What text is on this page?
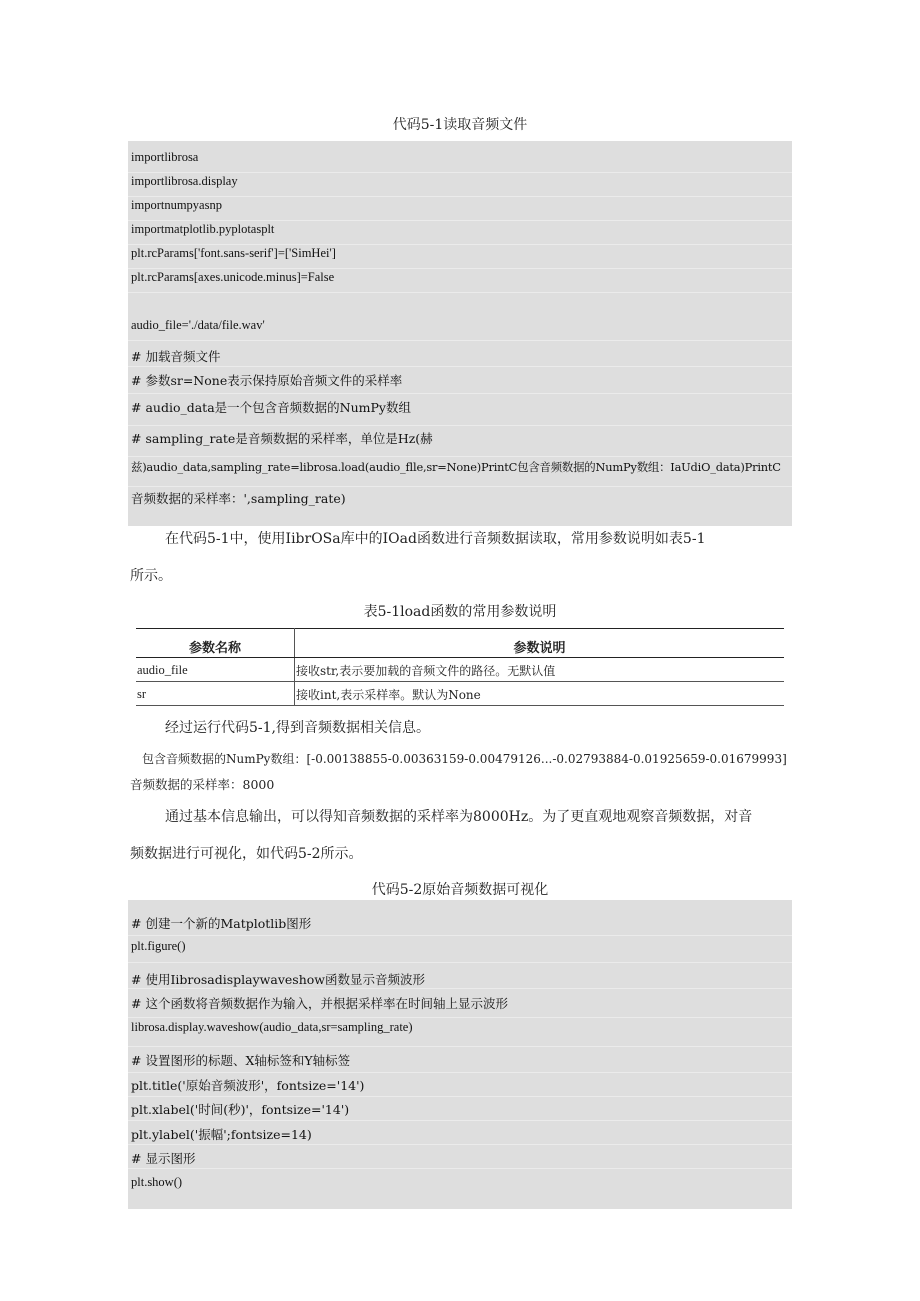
代码5-1读取音频文件
importlibrosa
importlibrosa.display
importnumpyasnp
importmatplotlib.pyplotasplt
plt.rcParams['font.sans-serif']=['SimHei']
plt.rcParams[axes.unicode.minus]=False
audio_file='./data/file.wav'
# 加载音频文件
# 参数sr=None表示保持原始音频文件的采样率
# audio_data是一个包含音频数据的NumPy数组
# sampling_rate是音频数据的采样率，单位是Hz(赫
兹)audio_data,sampling_rate=librosa.load(audio_flle,sr=None)PrintC包含音频数据的NumPy数组：IaUdiO_data)PrintC
音频数据的采样率：',sampling_rate)
在代码5-1中，使用IibrOSa库中的IOad函数进行音频数据读取，常用参数说明如表5-1
所示。
表5-1load函数的常用参数说明
参数名称	参数说明
audio_file	接收str,表示要加载的音频文件的路径。无默认值
sr	接收int,表示采样率。默认为None
经过运行代码5-1,得到音频数据相关信息。
包含音频数据的NumPy数组：[-0.00138855-0.00363159-0.00479126...-0.02793884-0.01925659-0.01679993]
音频数据的采样率：8000
通过基本信息输出，可以得知音频数据的采样率为8000Hz。为了更直观地观察音频数据，对音
频数据进行可视化，如代码5-2所示。
代码5-2原始音频数据可视化
# 创建一个新的Matplotlib图形
plt.figure()
# 使用Iibrosadisplaywaveshow函数显示音频波形
# 这个函数将音频数据作为输入，并根据采样率在时间轴上显示波形
librosa.display.waveshow(audio_data,sr=sampling_rate)
# 设置图形的标题、X轴标签和Y轴标签
plt.title('原始音频波形'，fontsize='14')
plt.xlabel('时间(秒)'，fontsize='14')
plt.ylabel('振幅';fontsize=14)
# 显示图形
plt.show()
